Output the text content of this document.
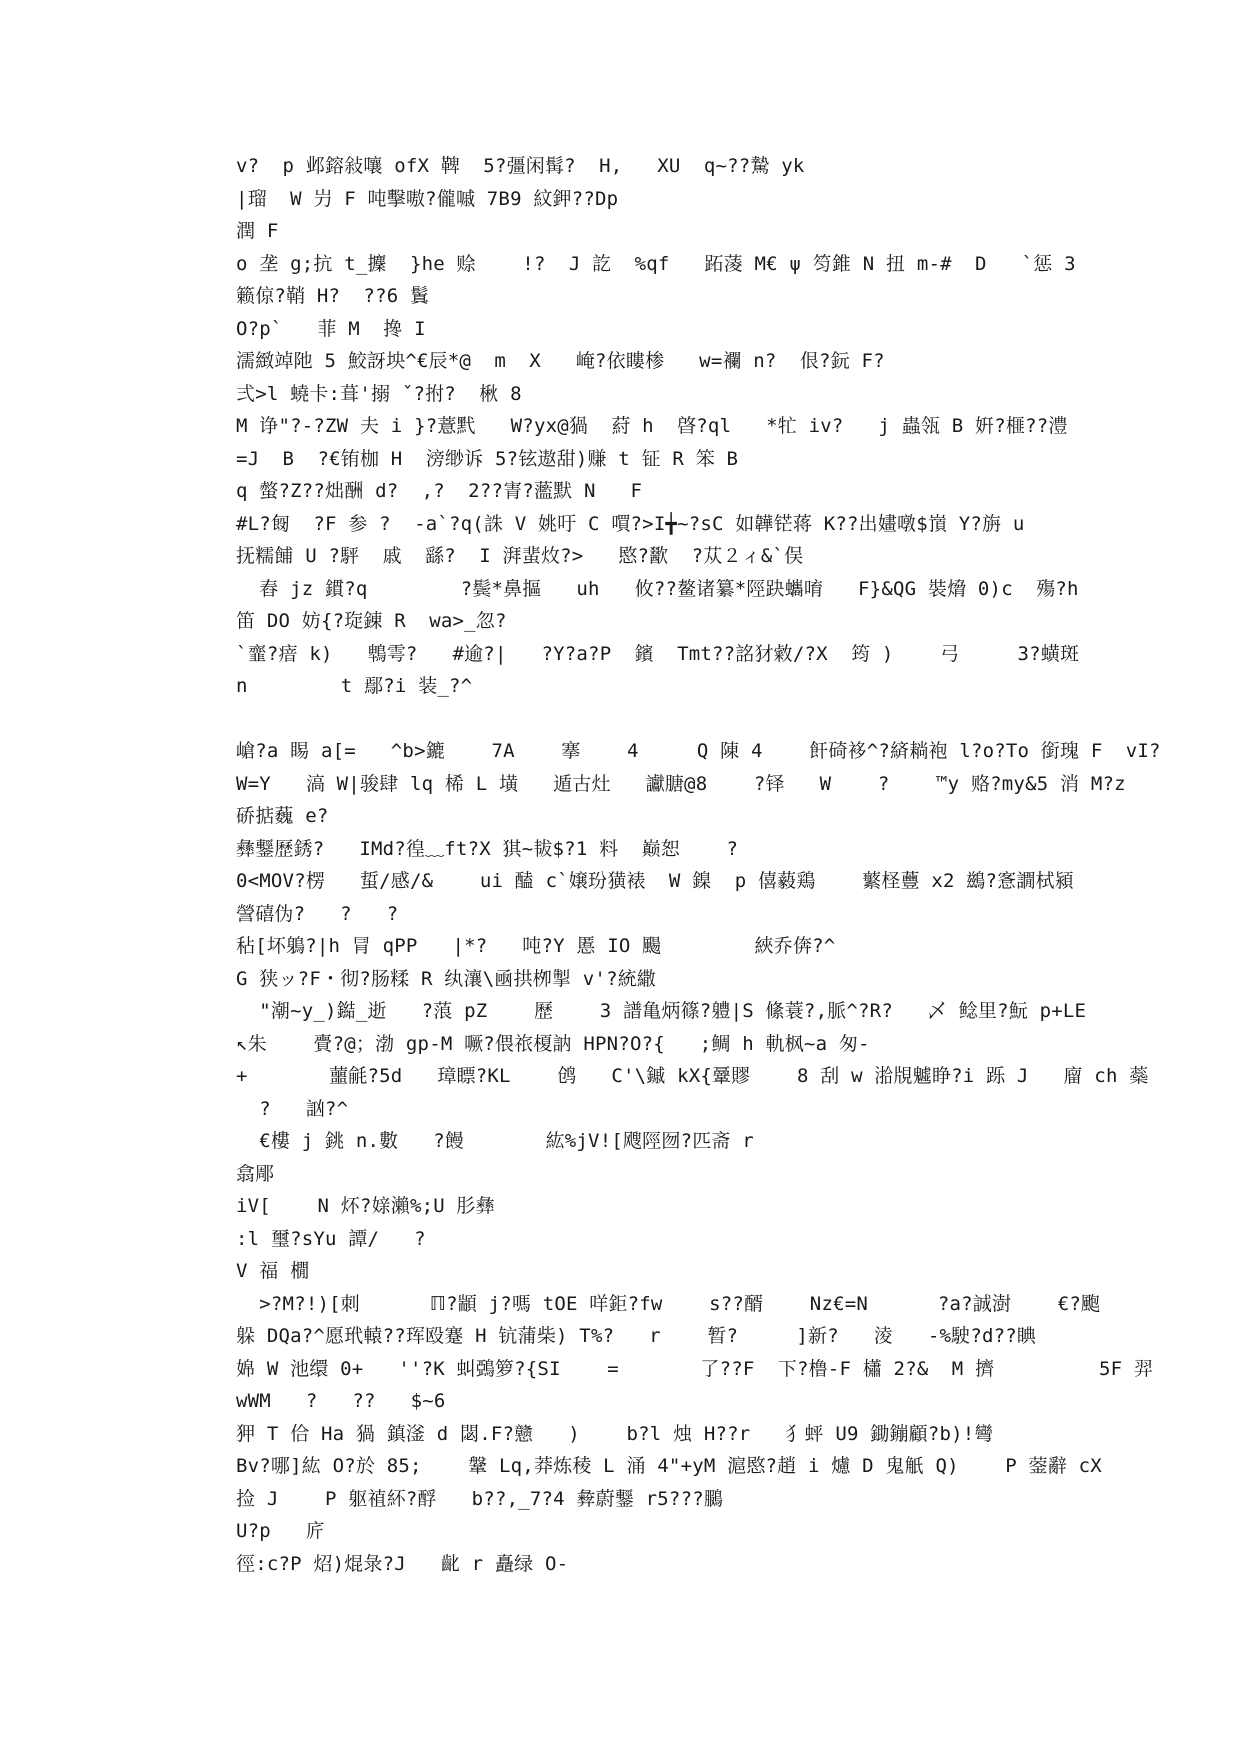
v?  p 邺鎔敍嚷 ofX 鞞  5?彊闲髯?  H,   XU  q~??騺 yk
|瑠  W 屶 F 吨擊嗷?儱嘁 7B9 紋鉀??Dp
潤 F
o 垄 g;抗 t_攈  }he 赊    !?  J 訖  %qf   跖蓤 M€ ψ 笉錐 N 扭 m-#  D   `惩 3
籁倞?鞘 H?  ??6 鬒
O?p`   菲 M  搀 I
濡緻竨阤 5 鮫訝坱^€辰*@  m  X   崦?依瞜椮   w=襴 n?  佷?鈨 F?
弍>l 蟯卡:葺'搦 ˇ?拊?  楸 8
M 诤"?-?ZW 夫 i }?薏黓   W?yx@猧  葤 h  晵?ql   *牤 iv?   j 蟲瓴 B 姸?榧??澧
=J  B  ?€铕枷 H  滂缈诉 5?铉遨甜)赚 t 钲 R 笨 B
q 螫?Z??炪酬 d?  ,?  2??寈?蘫默 N   F
#L?匓  ?F 参 ?  -a`?q(誅 V 姚吁 C 嘪?>I╈~?sC 如韡铓蒋 K??出嫿噋$嵿 Y?旃 u
抚糯餔 U ?駍  戚  繇?  I 湃蜚炇?>   愍?歠  ?苁２ィ&`俣
舂 jz 鏆?q        ?鬓*鼻摳   uh   攸??鳌诸纂*陘趹蠵唷   F}&QG 裝熁 0)c  殤?h
笛 DO 妨{?琁錬 R  wa>_忽?
`韲?瘖 k)   鵯雩?   #逾?|   ?Y?a?P  鑌  Tmt??詺犲敹/?X  筠 )    弓     3?蟥斑
n        t 鄢?i 装_?^
嵢?a 睗 a[=   ^b>鏕    7A    搴    4     Q 陳 4    飦碕袳^?緕耥袍 l?o?To 銜瑰 F  vI?
W=Y   滈 W|骏肆 lq 桸 L 墴   遁古灶   讞膅@8    ?铎   W    ?    ™y 赂?my&5 消 M?z
硚掂蘶 e?
彝鑋歷銹?   IMd?徨﹏ft?X 猉~韨$?1 料  巅恕    ?
0<MOV?楞   蜇/感/&    ui 醘 c`嬢玢獚裱  W 鎳  p 僖藙鶏    蘩柽蘴 x2 鷀?愙譋栻潁
謍礂伪?   ?   ?
秥[坏鵢?|h 冐 qPP   |*?   吨?Y 慝 IO 颺        綊乔倴?^
G 狭ッ?F・彻?肠糅 R 纨瀼\凾拱栁掣 v'?統繖
"潮~y_)鐑_逝   ?蒗 pZ    歷    3 譜亀炳篠?軆|S 絛蓑?,脈^?R?   乄 鲶里?魭 p+LE
↖朱    賷?@；渤 gp-M 噘?偎祣榎訥 HPN?O?{   ;鲷 h 軌枫~a 匆-
+       蘁毹?5d   璋瞟?KL    鸧   C'\鏚 kX{鞷賿    8 刮 w 湁覑魖睁?i 跞 J   廇 ch 蘂
?   訩?^
€樓 j 銚 n.數   ?饅       紘%jV![飕陘囫?匹斋 r
翕郮
iV[    N 炋?媇瀨%;U 肜彝
:l 璽?sYu 譚/   ?
V 福 橌
>?M?!)[刺      ℿ?顓 j?嗎 tOE 咩鉅?fw    s??醑    Nz€=N      ?a?誠澍    €?颮
躲 DQa?^愿玳轅??珲殴蹇 H 钪蒲柴) T%?   r    暂?     ]新?   淩   -%駛?d??睓
婂 W 池缳 0+   ''?K 虯鵶箩?{SI    =       了??F  下?橹-F 櫹 2?&  M 擠         5F 羿
wWM   ?   ??   $~6
狎 T 佮 Ha 猧 鎮滏 d 閟.F?戆   )    b?l 烛 H??r   犭蚲 U9 鋤鏰顧?b)!彎
Bv?哪]紘 O?於 85;    鞶 Lq,莽炼稜 L 涌 4"+yM 滬愍?趙 i 爈 D 鬼觗 Q)    P 蓥辭 cX
捡 J    P 躯禃紑?酻   b??,_7?4 彜蔚鑋 r5???鵩
U?p   庍
徑:c?P 炤)焜彔?J   齔 r 矗绿 O-
